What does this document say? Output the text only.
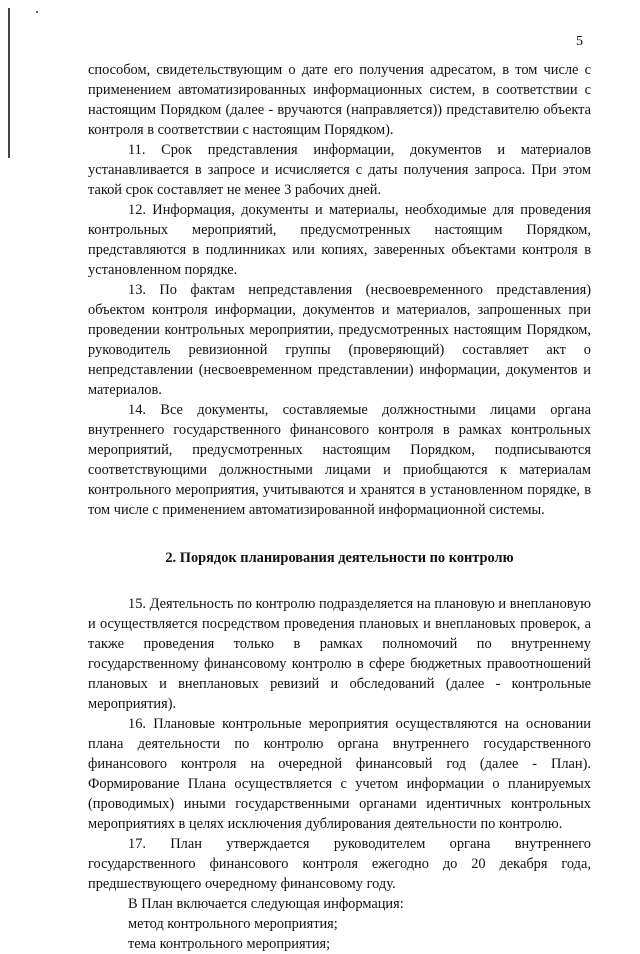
5

способом, свидетельствующим о дате его получения адресатом, в том числе с применением автоматизированных информационных систем, в соответствии с настоящим Порядком (далее - вручаются (направляется)) представителю объекта контроля в соответствии с настоящим Порядком).

11. Срок представления информации, документов и материалов устанавливается в запросе и исчисляется с даты получения запроса. При этом такой срок составляет не менее 3 рабочих дней.

12. Информация, документы и материалы, необходимые для проведения контрольных мероприятий, предусмотренных настоящим Порядком, представляются в подлинниках или копиях, заверенных объектами контроля в установленном порядке.

13. По фактам непредставления (несвоевременного представления) объектом контроля информации, документов и материалов, запрошенных при проведении контрольных мероприятии, предусмотренных настоящим Порядком, руководитель ревизионной группы (проверяющий) составляет акт о непредставлении (несвоевременном представлении) информации, документов и материалов.

14. Все документы, составляемые должностными лицами органа внутреннего государственного финансового контроля в рамках контрольных мероприятий, предусмотренных настоящим Порядком, подписываются соответствующими должностными лицами и приобщаются к материалам контрольного мероприятия, учитываются и хранятся в установленном порядке, в том числе с применением автоматизированной информационной системы.

2. Порядок планирования деятельности по контролю

15. Деятельность по контролю подразделяется на плановую и внеплановую и осуществляется посредством проведения плановых и внеплановых проверок, а также проведения только в рамках полномочий по внутреннему государственному финансовому контролю в сфере бюджетных правоотношений плановых и внеплановых ревизий и обследований (далее - контрольные мероприятия).

16. Плановые контрольные мероприятия осуществляются на основании плана деятельности по контролю органа внутреннего государственного финансового контроля на очередной финансовый год (далее - План). Формирование Плана осуществляется с учетом информации о планируемых (проводимых) иными государственными органами идентичных контрольных мероприятиях в целях исключения дублирования деятельности по контролю.

17. План утверждается руководителем органа внутреннего государственного финансового контроля ежегодно до 20 декабря года, предшествующего очередному финансовому году.

В План включается следующая информация:

метод контрольного мероприятия;

тема контрольного мероприятия;
